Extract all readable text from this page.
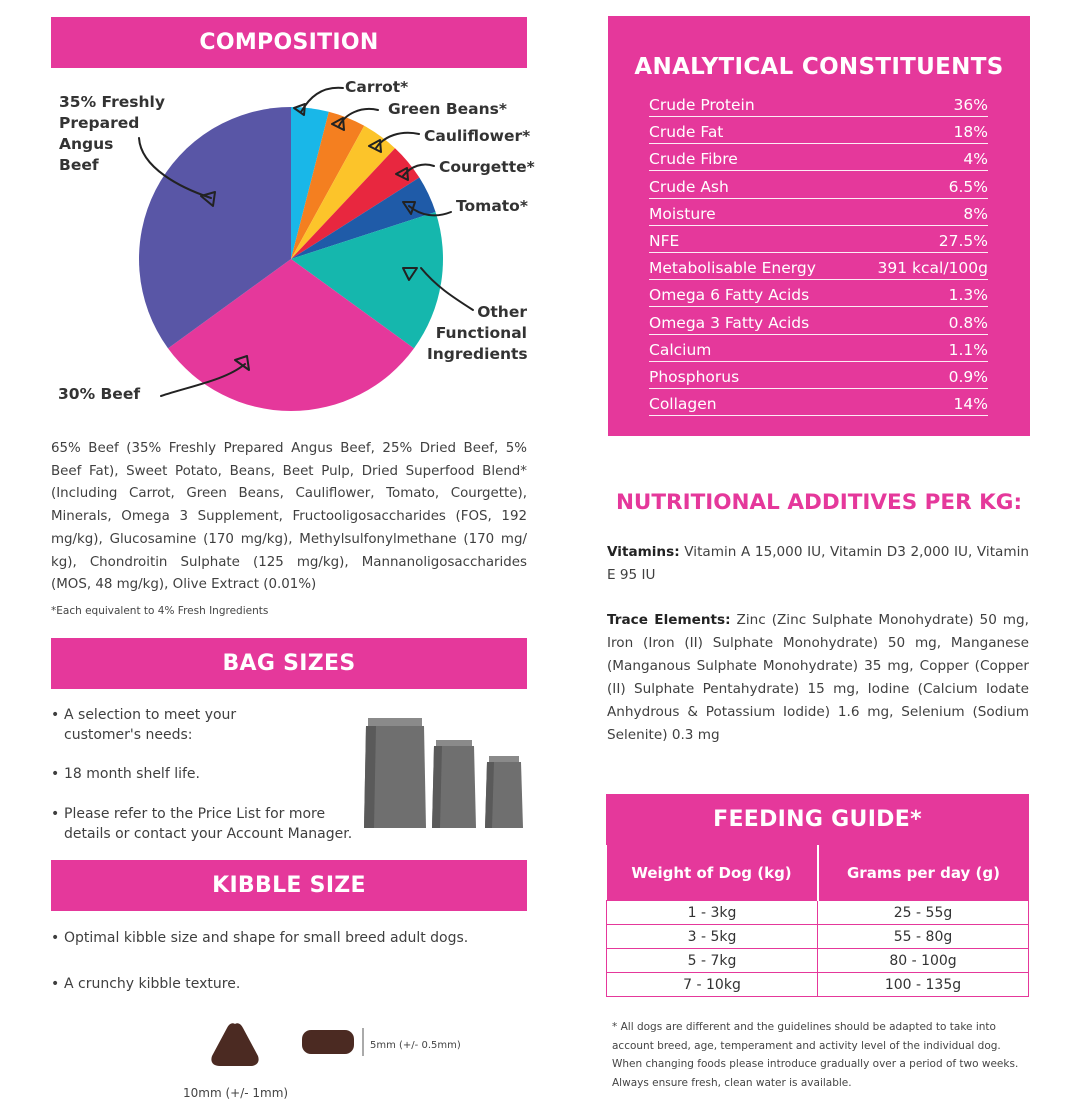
COMPOSITION
35% Freshly
Prepared
Angus
Beef
Carrot*
Green Beans*
Cauliflower*
Courgette*
Tomato*
Other
Functional
Ingredients
30% Beef
65% Beef (35% Freshly Prepared Angus Beef, 25% Dried Beef, 5% Beef Fat), Sweet Potato, Beans, Beet Pulp, Dried Superfood Blend* (Including Carrot, Green Beans, Cauliflower, Tomato, Courgette), Minerals, Omega 3 Supplement, Fructooligosaccharides (FOS, 192 mg/kg), Glucosamine (170 mg/kg), Methylsulfonylmethane (170 mg/ kg), Chondroitin Sulphate (125 mg/kg), Mannanoligosaccharides (MOS, 48 mg/kg), Olive Extract (0.01%)
*Each equivalent to 4% Fresh Ingredients
BAG SIZES
• A selection to meet your
customer's needs:
• 18 month shelf life.
• Please refer to the Price List for more
details or contact your Account Manager.
KIBBLE SIZE
• Optimal kibble size and shape for small breed adult dogs.
• A crunchy kibble texture.
5mm (+/- 0.5mm)
10mm (+/- 1mm)
ANALYTICAL CONSTITUENTS
Crude Protein	36%
Crude Fat	18%
Crude Fibre	4%
Crude Ash	6.5%
Moisture	8%
NFE	27.5%
Metabolisable Energy	391 kcal/100g
Omega 6 Fatty Acids	1.3%
Omega 3 Fatty Acids	0.8%
Calcium	1.1%
Phosphorus	0.9%
Collagen	14%
NUTRITIONAL ADDITIVES PER KG:
Vitamins: Vitamin A 15,000 IU, Vitamin D3 2,000 IU, Vitamin E 95 IU
Trace Elements: Zinc (Zinc Sulphate Monohydrate) 50 mg, Iron (Iron (II) Sulphate Monohydrate) 50 mg, Manganese (Manganous Sulphate Monohydrate) 35 mg, Copper (Copper (II) Sulphate Pentahydrate) 15 mg, Iodine (Calcium Iodate Anhydrous & Potassium Iodide) 1.6 mg, Selenium (Sodium Selenite) 0.3 mg
FEEDING GUIDE*
Weight of Dog (kg)	Grams per day (g)
1 - 3kg	25 - 55g
3 - 5kg	55 - 80g
5 - 7kg	80 - 100g
7 - 10kg	100 - 135g
* All dogs are different and the guidelines should be adapted to take into account breed, age, temperament and activity level of the individual dog. When changing foods please introduce gradually over a period of two weeks. Always ensure fresh, clean water is available.
